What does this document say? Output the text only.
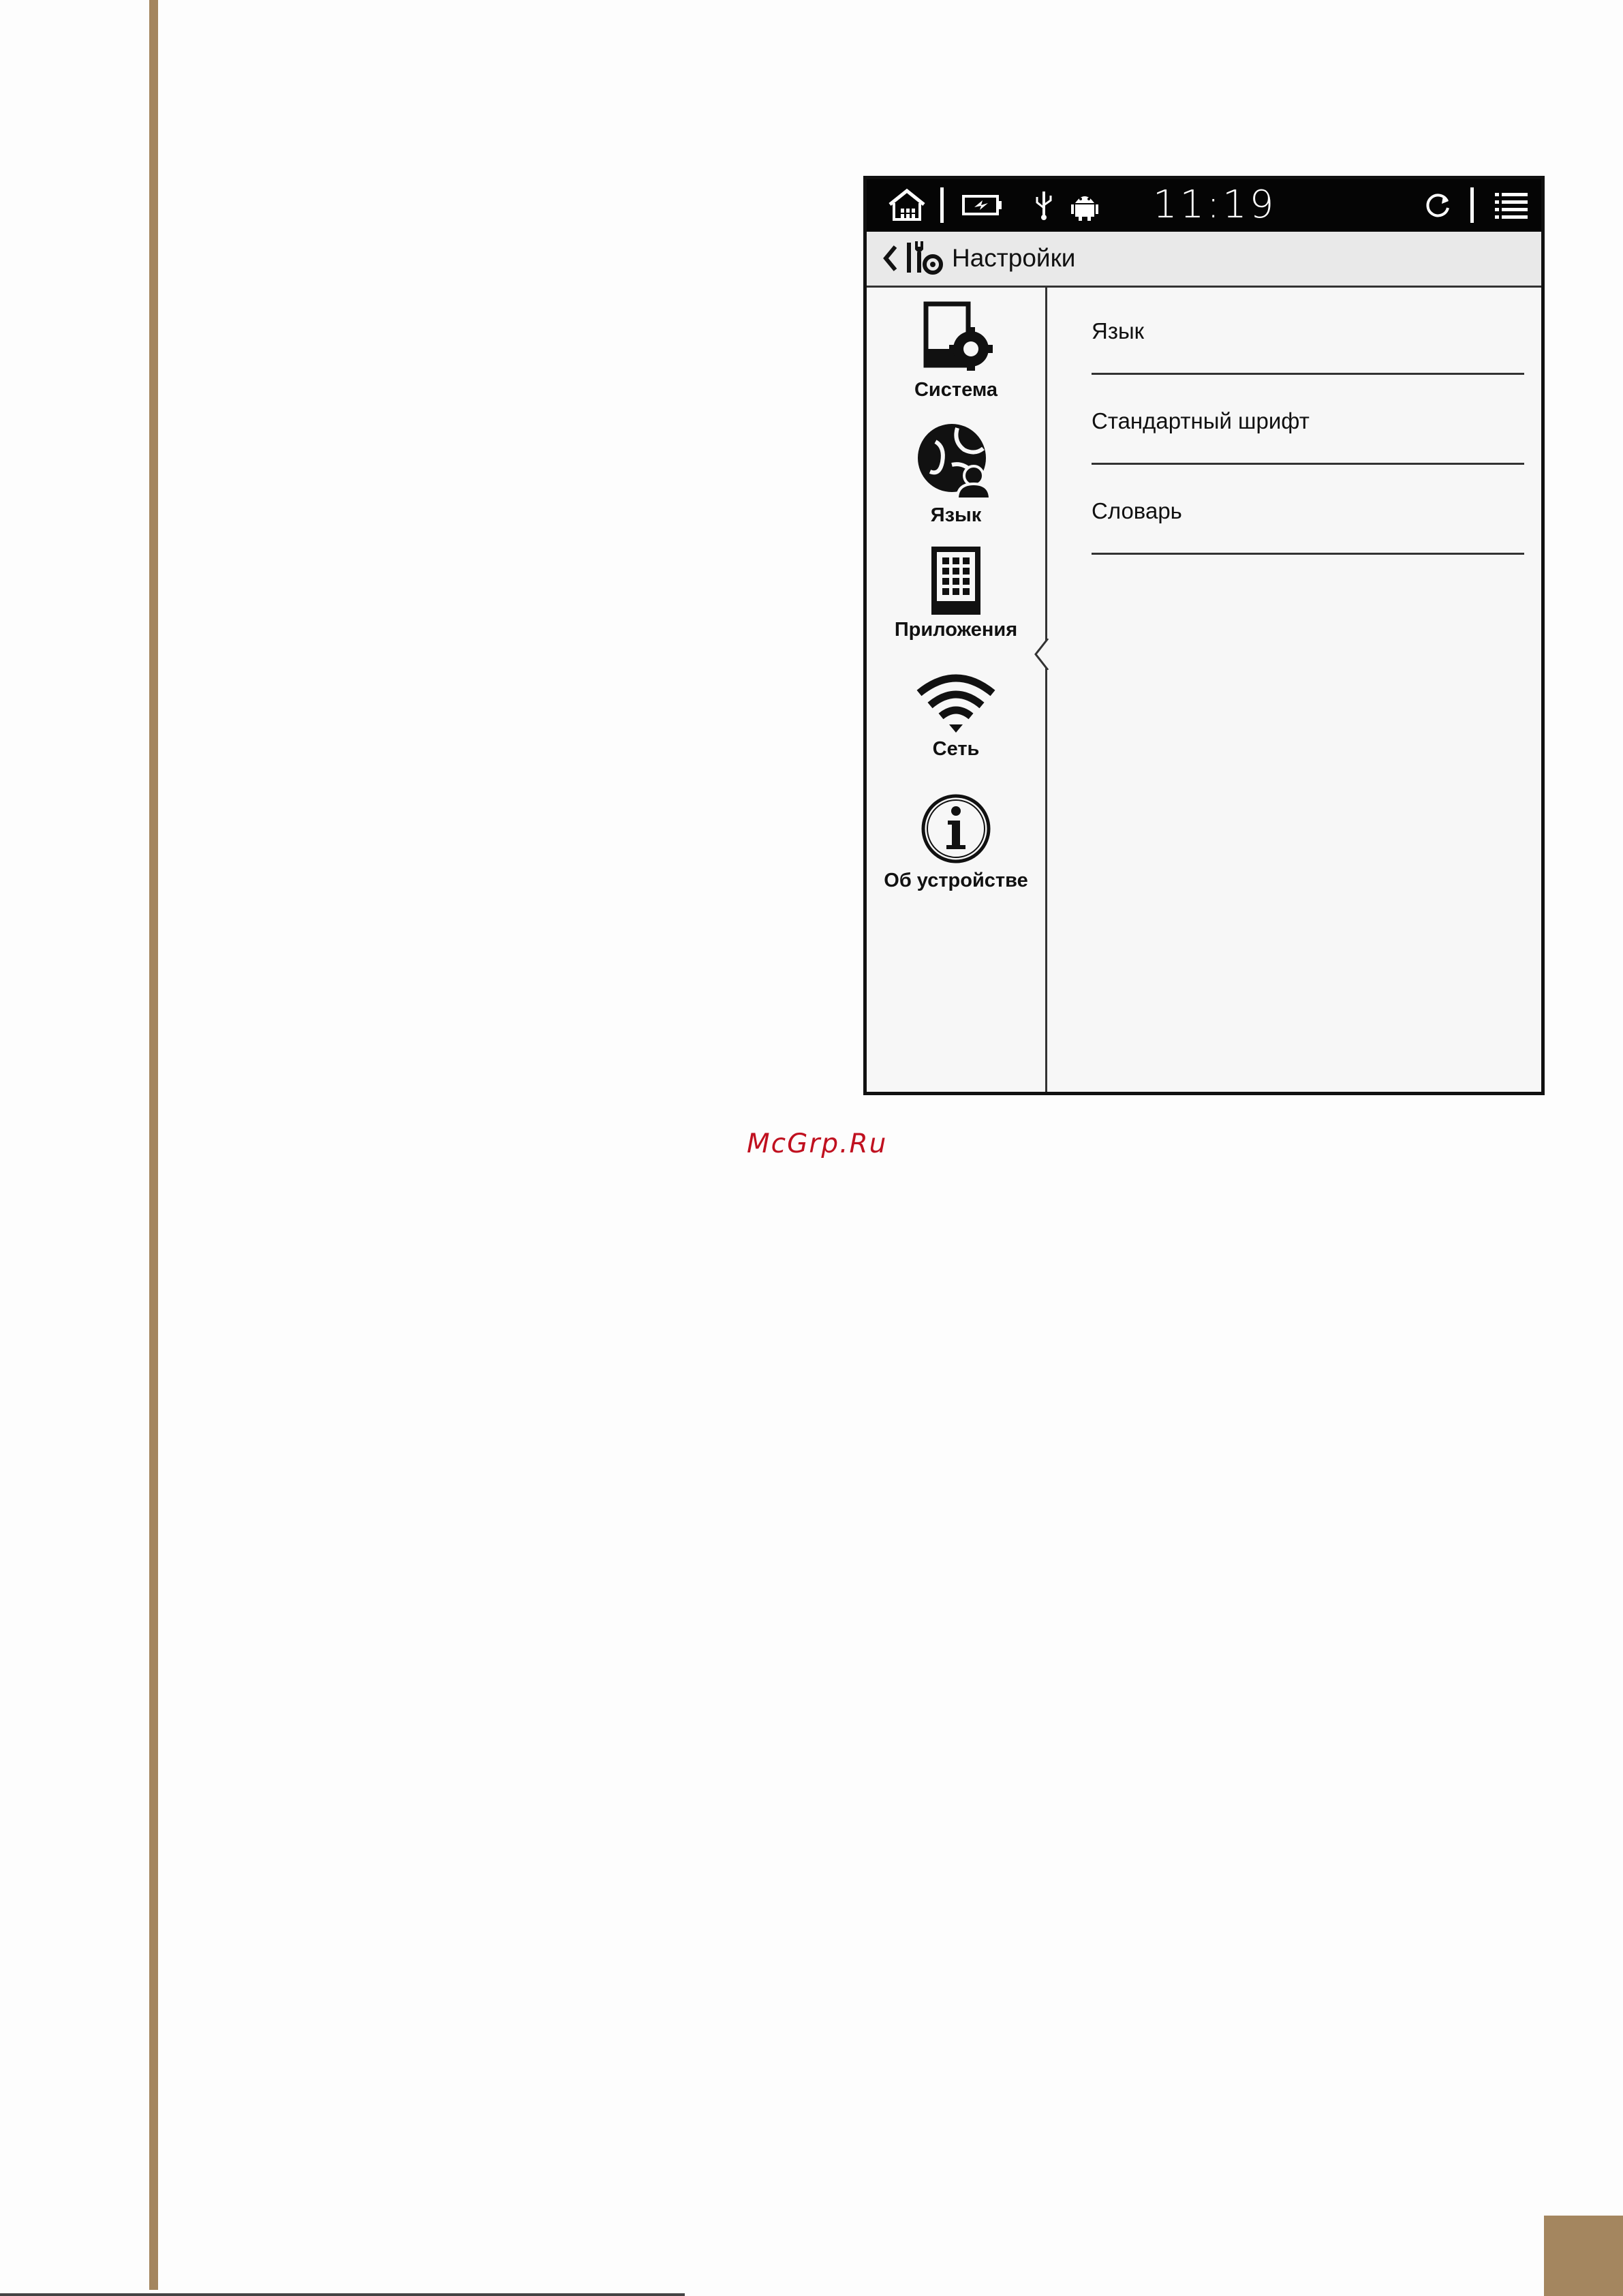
11:19
Настройки
Система
Язык
Приложения
Сеть
Об устройстве
Язык
Стандартный шрифт
Словарь
McGrp.Ru
